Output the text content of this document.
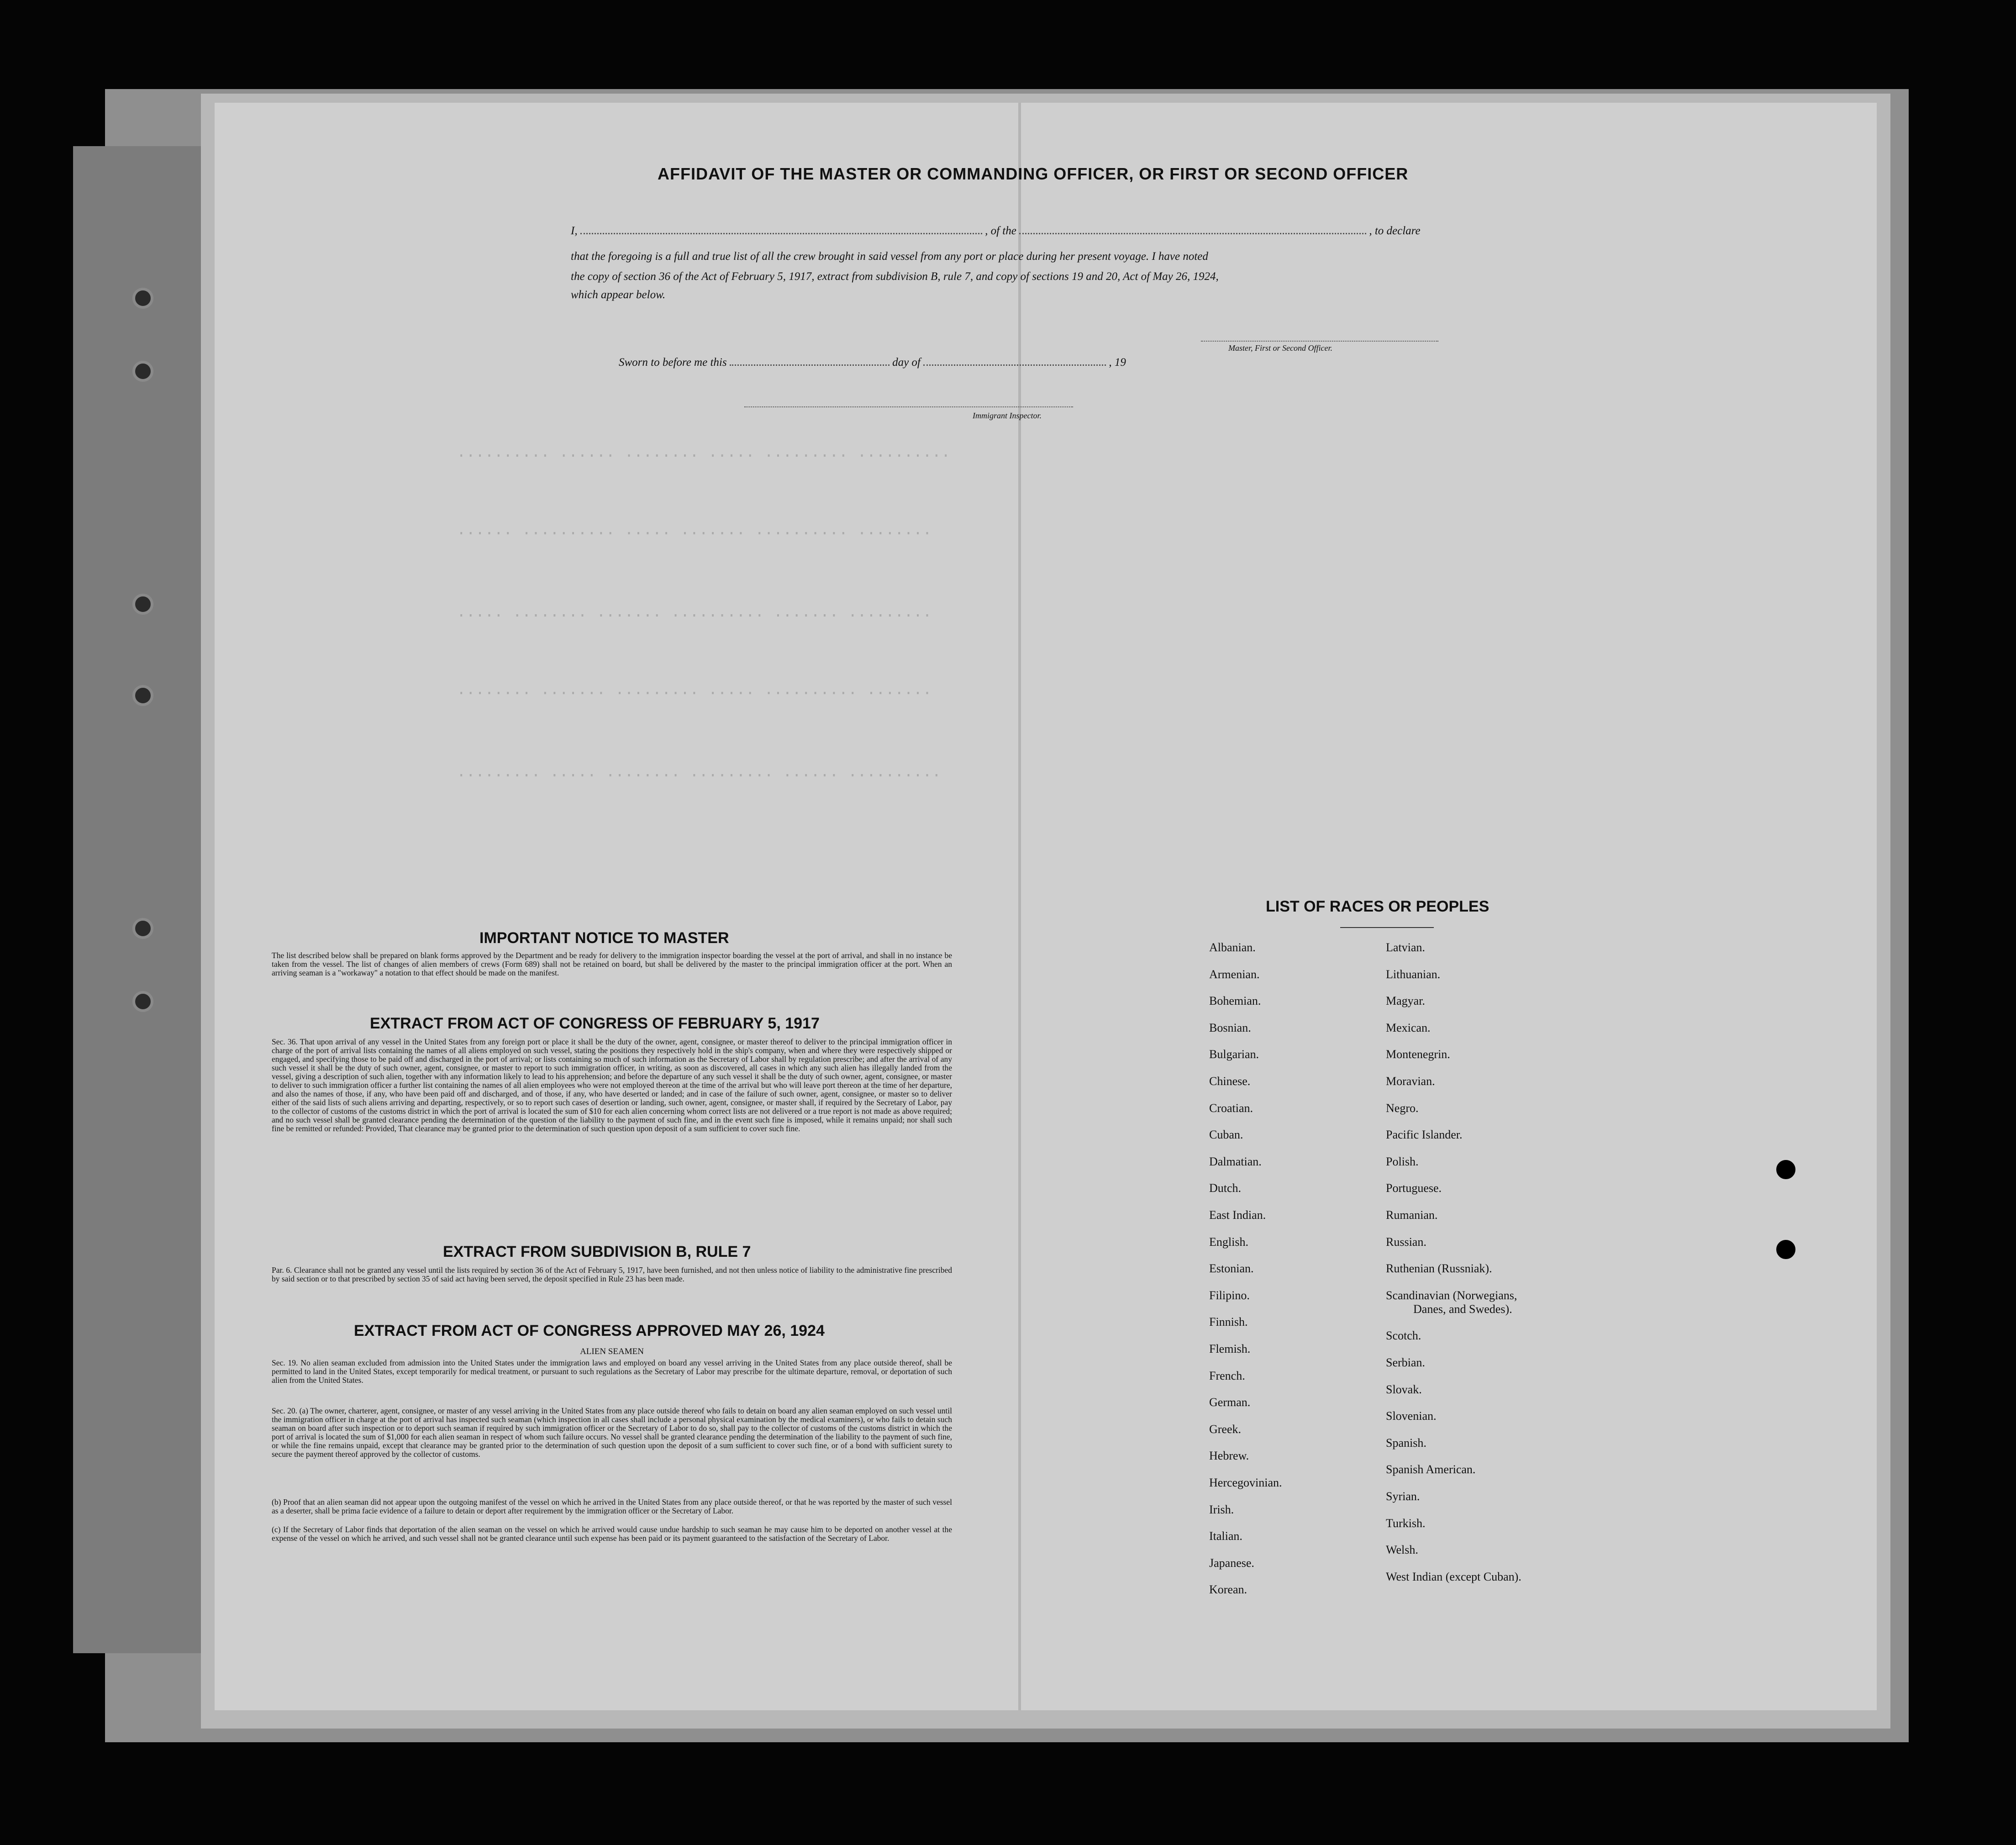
·········· ········· ····· ········ ······ ··········
········ ·········· ······· ····· ·········· ······
········· ······· ·········· ······· ········ ·····
······· ·········· ····· ········· ······· ········
·········· ······ ········· ········ ····· ·········
AFFIDAVIT OF THE MASTER OR COMMANDING OFFICER, OR FIRST OR SECOND OFFICER
I,	, of the	, to declare
that the foregoing is a full and true list of all the crew brought in said vessel from any port or place during her present voyage. I have noted
the copy of section 36 of the Act of February 5, 1917, extract from subdivision B, rule 7, and copy of sections 19 and 20, Act of May 26, 1924,
which appear below.
Master, First or Second Officer.
Sworn to before me this	day of	, 19
Immigrant Inspector.
IMPORTANT NOTICE TO MASTER
The list described below shall be prepared on blank forms approved by the Department and be ready for delivery to the immigration inspector boarding the vessel at the port of arrival, and shall in no instance be taken from the vessel. The list of changes of alien members of crews (Form 689) shall not be retained on board, but shall be delivered by the master to the principal immigration officer at the port. When an arriving seaman is a "workaway" a notation to that effect should be made on the manifest.
EXTRACT FROM ACT OF CONGRESS OF FEBRUARY 5, 1917
Sec. 36. That upon arrival of any vessel in the United States from any foreign port or place it shall be the duty of the owner, agent, consignee, or master thereof to deliver to the principal immigration officer in charge of the port of arrival lists containing the names of all aliens employed on such vessel, stating the positions they respectively hold in the ship's company, when and where they were respectively shipped or engaged, and specifying those to be paid off and discharged in the port of arrival; or lists containing so much of such information as the Secretary of Labor shall by regulation prescribe; and after the arrival of any such vessel it shall be the duty of such owner, agent, consignee, or master to report to such immigration officer, in writing, as soon as discovered, all cases in which any such alien has illegally landed from the vessel, giving a description of such alien, together with any information likely to lead to his apprehension; and before the departure of any such vessel it shall be the duty of such owner, agent, consignee, or master to deliver to such immigration officer a further list containing the names of all alien employees who were not employed thereon at the time of the arrival but who will leave port thereon at the time of her departure, and also the names of those, if any, who have been paid off and discharged, and of those, if any, who have deserted or landed; and in case of the failure of such owner, agent, consignee, or master so to deliver either of the said lists of such aliens arriving and departing, respectively, or so to report such cases of desertion or landing, such owner, agent, consignee, or master shall, if required by the Secretary of Labor, pay to the collector of customs of the customs district in which the port of arrival is located the sum of $10 for each alien concerning whom correct lists are not delivered or a true report is not made as above required; and no such vessel shall be granted clearance pending the determination of the question of the liability to the payment of such fine, and in the event such fine is imposed, while it remains unpaid; nor shall such fine be remitted or refunded: Provided, That clearance may be granted prior to the determination of such question upon deposit of a sum sufficient to cover such fine.
EXTRACT FROM SUBDIVISION B, RULE 7
Par. 6. Clearance shall not be granted any vessel until the lists required by section 36 of the Act of February 5, 1917, have been furnished, and not then unless notice of liability to the administrative fine prescribed by said section or to that prescribed by section 35 of said act having been served, the deposit specified in Rule 23 has been made.
EXTRACT FROM ACT OF CONGRESS APPROVED MAY 26, 1924
ALIEN SEAMEN
Sec. 19. No alien seaman excluded from admission into the United States under the immigration laws and employed on board any vessel arriving in the United States from any place outside thereof, shall be permitted to land in the United States, except temporarily for medical treatment, or pursuant to such regulations as the Secretary of Labor may prescribe for the ultimate departure, removal, or deportation of such alien from the United States.
Sec. 20. (a) The owner, charterer, agent, consignee, or master of any vessel arriving in the United States from any place outside thereof who fails to detain on board any alien seaman employed on such vessel until the immigration officer in charge at the port of arrival has inspected such seaman (which inspection in all cases shall include a personal physical examination by the medical examiners), or who fails to detain such seaman on board after such inspection or to deport such seaman if required by such immigration officer or the Secretary of Labor to do so, shall pay to the collector of customs of the customs district in which the port of arrival is located the sum of $1,000 for each alien seaman in respect of whom such failure occurs. No vessel shall be granted clearance pending the determination of the liability to the payment of such fine, or while the fine remains unpaid, except that clearance may be granted prior to the determination of such question upon the deposit of a sum sufficient to cover such fine, or of a bond with sufficient surety to secure the payment thereof approved by the collector of customs.
(b) Proof that an alien seaman did not appear upon the outgoing manifest of the vessel on which he arrived in the United States from any place outside thereof, or that he was reported by the master of such vessel as a deserter, shall be prima facie evidence of a failure to detain or deport after requirement by the immigration officer or the Secretary of Labor.
(c) If the Secretary of Labor finds that deportation of the alien seaman on the vessel on which he arrived would cause undue hardship to such seaman he may cause him to be deported on another vessel at the expense of the vessel on which he arrived, and such vessel shall not be granted clearance until such expense has been paid or its payment guaranteed to the satisfaction of the Secretary of Labor.
LIST OF RACES OR PEOPLES
Albanian.
Armenian.
Bohemian.
Bosnian.
Bulgarian.
Chinese.
Croatian.
Cuban.
Dalmatian.
Dutch.
East Indian.
English.
Estonian.
Filipino.
Finnish.
Flemish.
French.
German.
Greek.
Hebrew.
Hercegovinian.
Irish.
Italian.
Japanese.
Korean.
Latvian.
Lithuanian.
Magyar.
Mexican.
Montenegrin.
Moravian.
Negro.
Pacific Islander.
Polish.
Portuguese.
Rumanian.
Russian.
Ruthenian (Russniak).
Scandinavian (Norwegians,
Danes, and Swedes).
Scotch.
Serbian.
Slovak.
Slovenian.
Spanish.
Spanish American.
Syrian.
Turkish.
Welsh.
West Indian (except Cuban).
